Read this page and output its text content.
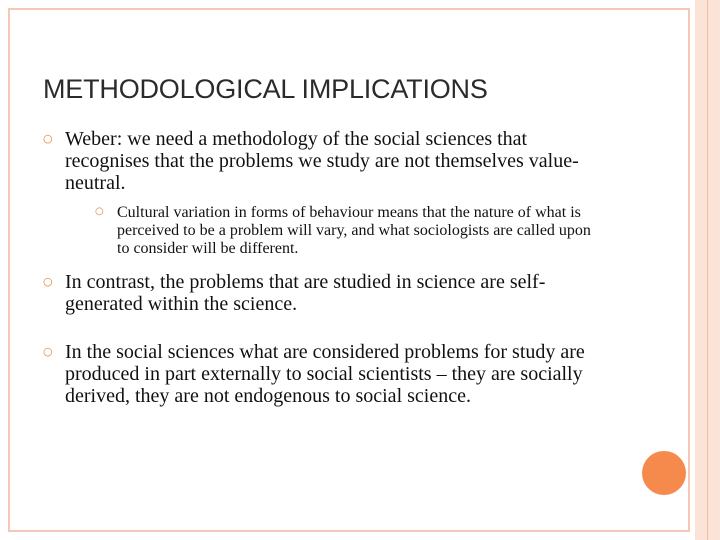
METHODOLOGICAL IMPLICATIONS
○ Weber: we need a methodology of the social sciences that recognises that the problems we study are not themselves value-neutral.
○ Cultural variation in forms of behaviour means that the nature of what is perceived to be a problem will vary, and what sociologists are called upon to consider will be different.
○ In contrast, the problems that are studied in science are self-generated within the science.
○ In the social sciences what are considered problems for study are produced in part externally to social scientists – they are socially derived, they are not endogenous to social science.
